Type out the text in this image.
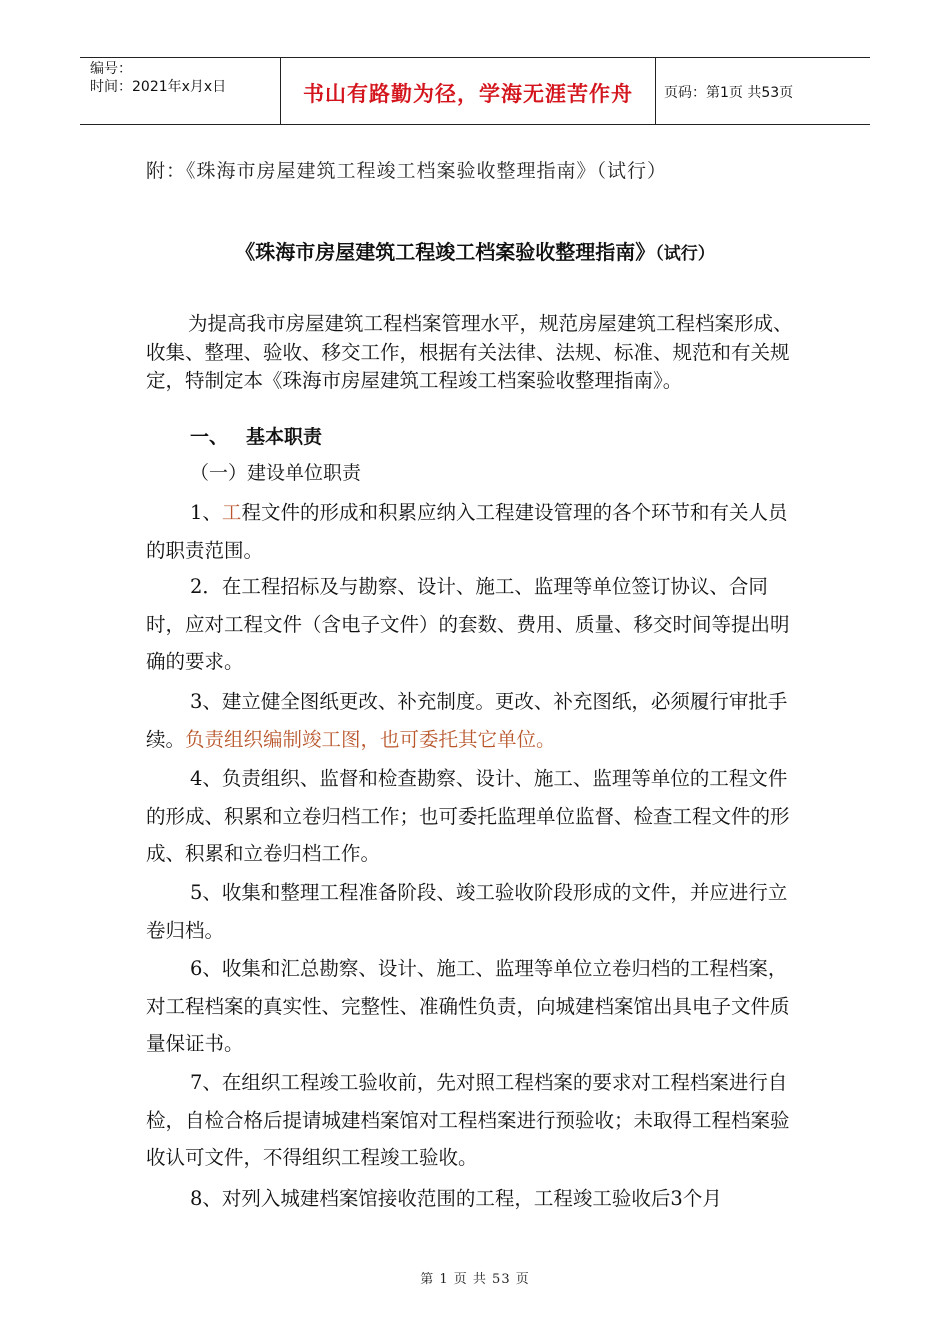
编号：
时间：2021年x月x日	书山有路勤为径，学海无涯苦作舟	页码：第1页 共53页
附：《珠海市房屋建筑工程竣工档案验收整理指南》（试行）
《珠海市房屋建筑工程竣工档案验收整理指南》（试行）
为提高我市房屋建筑工程档案管理水平，规范房屋建筑工程档案形成、收集、整理、验收、移交工作，根据有关法律、法规、标准、规范和有关规定，特制定本《珠海市房屋建筑工程竣工档案验收整理指南》。
一、 基本职责
（一）建设单位职责
1、工程文件的形成和积累应纳入工程建设管理的各个环节和有关人员的职责范围。
2．在工程招标及与勘察、设计、施工、监理等单位签订协议、合同时，应对工程文件（含电子文件）的套数、费用、质量、移交时间等提出明确的要求。
3、建立健全图纸更改、补充制度。更改、补充图纸，必须履行审批手续。负责组织编制竣工图，也可委托其它单位。
4、负责组织、监督和检查勘察、设计、施工、监理等单位的工程文件的形成、积累和立卷归档工作；也可委托监理单位监督、检查工程文件的形成、积累和立卷归档工作。
5、收集和整理工程准备阶段、竣工验收阶段形成的文件，并应进行立卷归档。
6、收集和汇总勘察、设计、施工、监理等单位立卷归档的工程档案，对工程档案的真实性、完整性、准确性负责，向城建档案馆出具电子文件质量保证书。
7、在组织工程竣工验收前，先对照工程档案的要求对工程档案进行自检，自检合格后提请城建档案馆对工程档案进行预验收；未取得工程档案验收认可文件，不得组织工程竣工验收。
8、对列入城建档案馆接收范围的工程，工程竣工验收后3个月
第 1 页 共 53 页
